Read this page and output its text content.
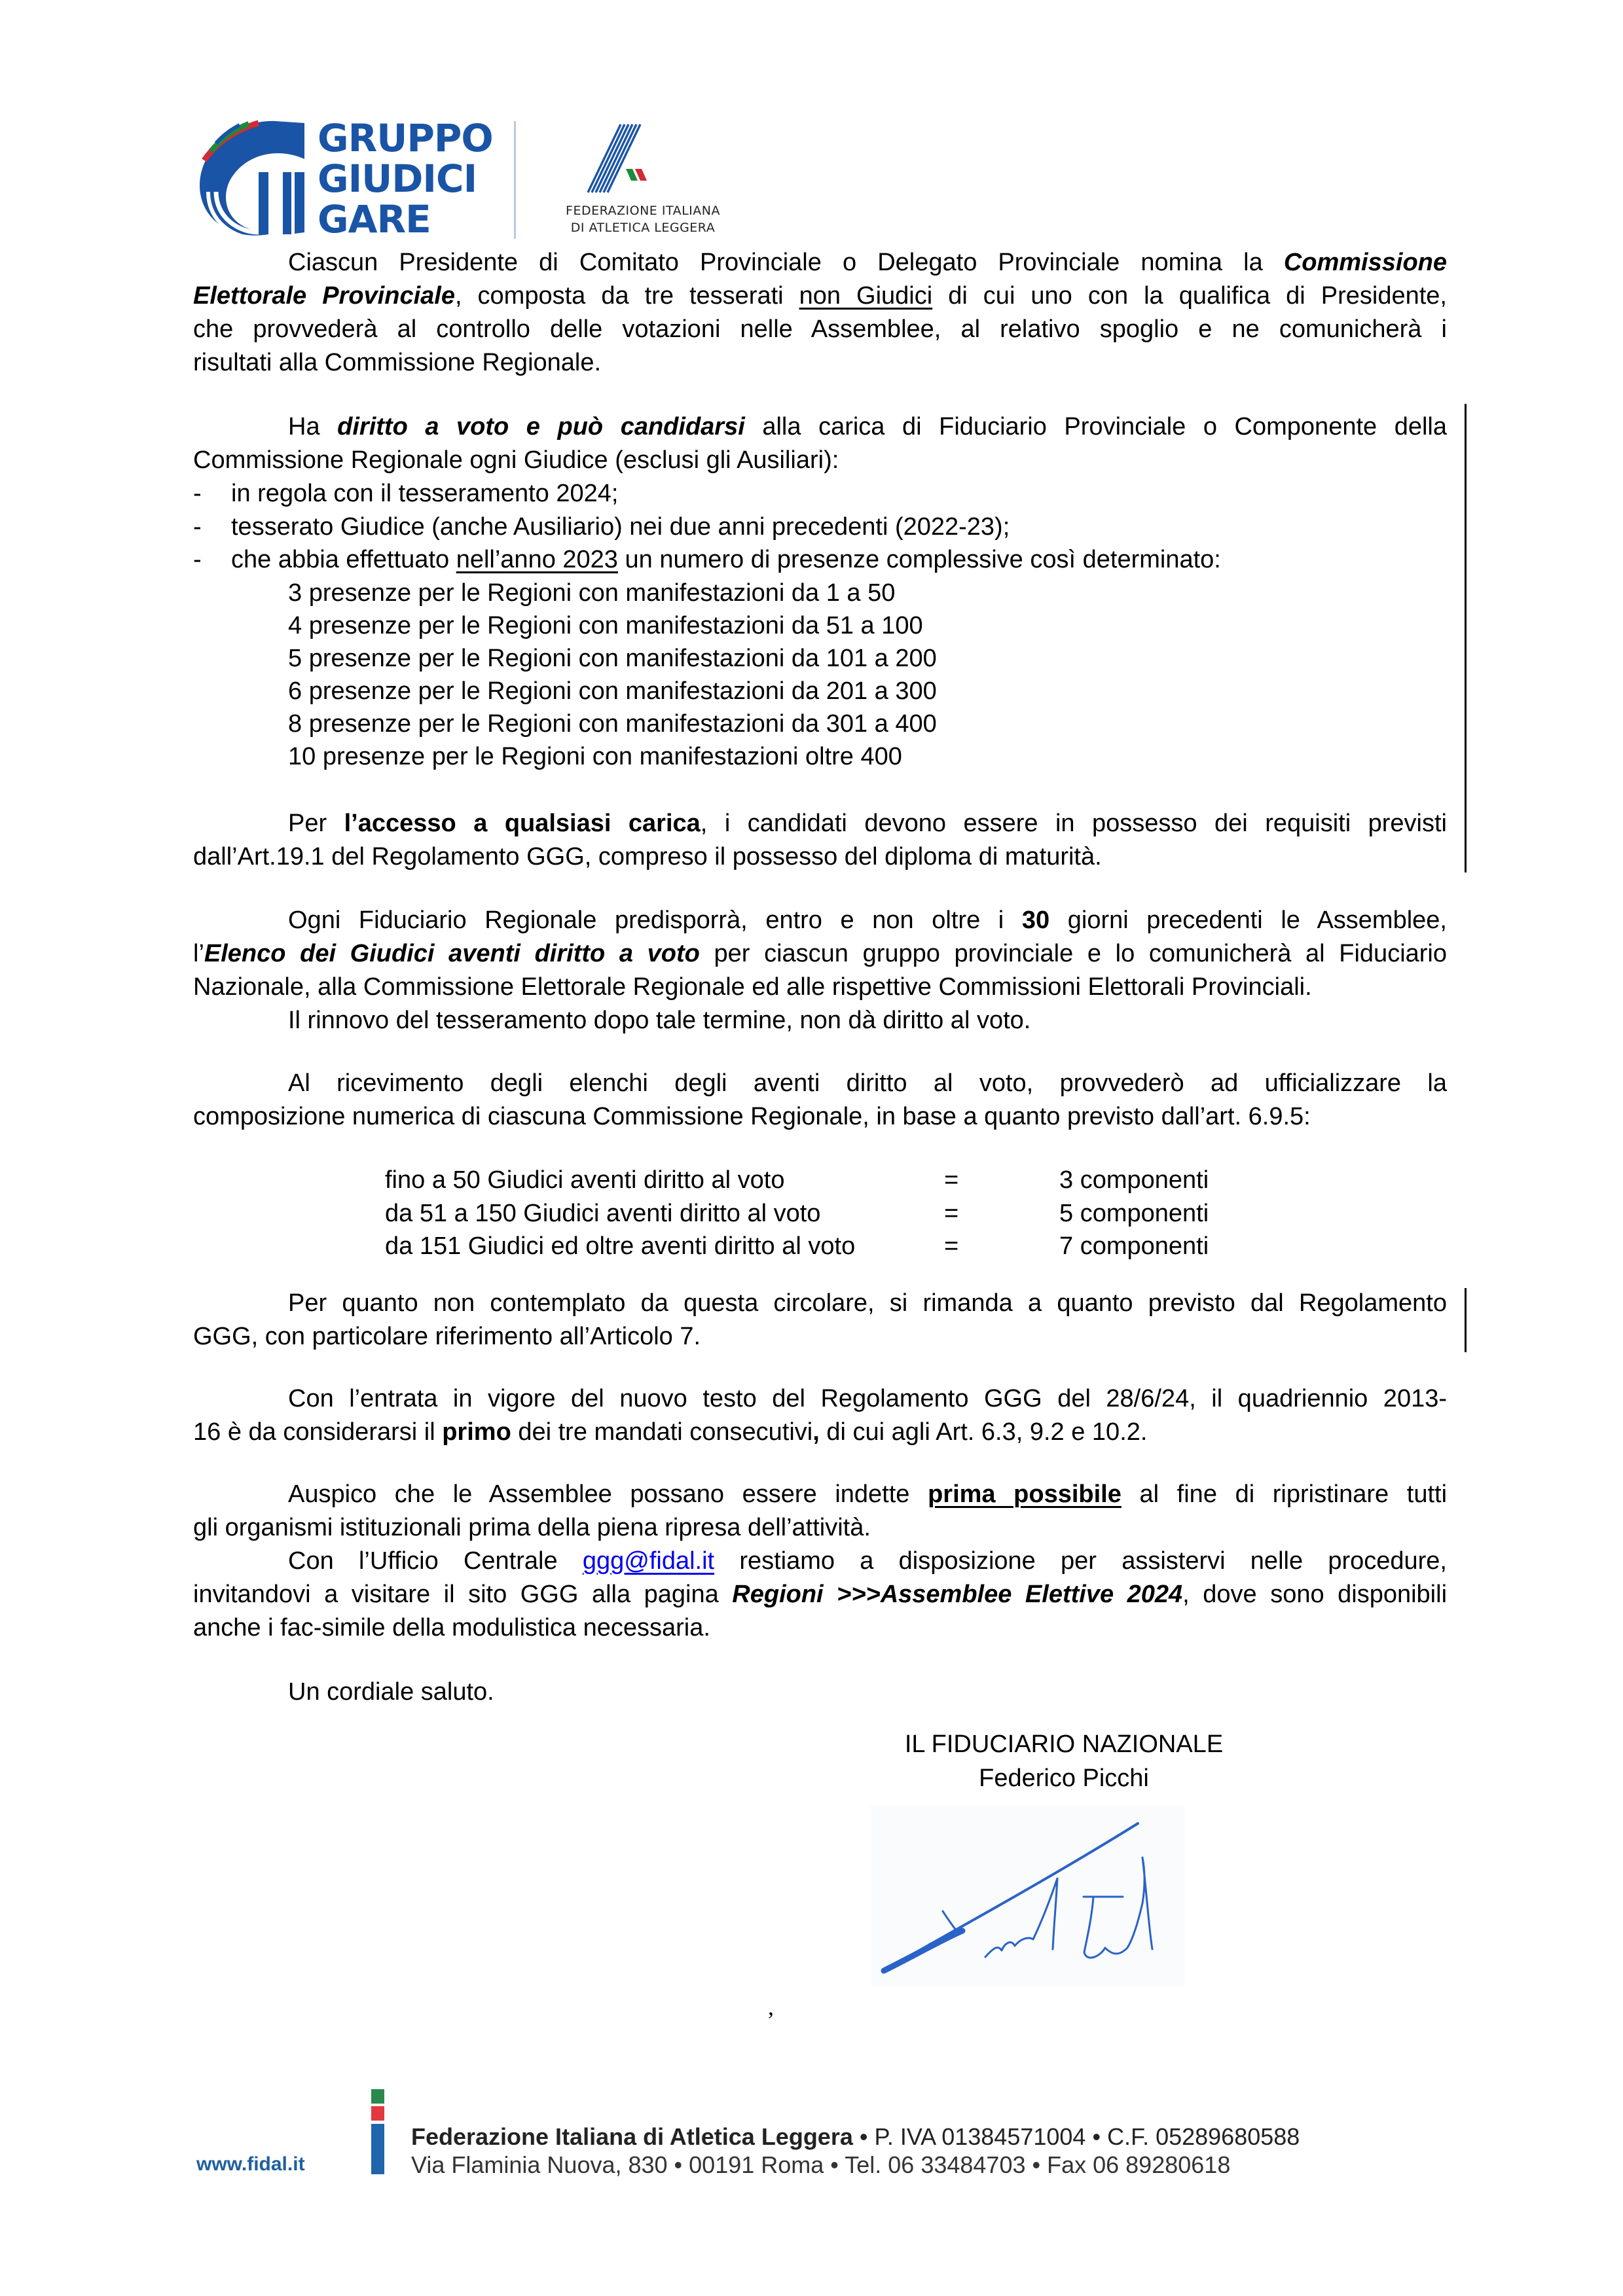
GRUPPO
GIUDICI
GARE	FEDERAZIONE ITALIANA
DI ATLETICA LEGGERA
Ciascun Presidente di Comitato Provinciale o Delegato Provinciale nomina la Commissione
Elettorale Provinciale, composta da tre tesserati non Giudici di cui uno con la qualifica di Presidente,
che provvederà al controllo delle votazioni nelle Assemblee, al relativo spoglio e ne comunicherà i
risultati alla Commissione Regionale.
Ha diritto a voto e può candidarsi alla carica di Fiduciario Provinciale o Componente della
Commissione Regionale ogni Giudice (esclusi gli Ausiliari):
- in regola con il tesseramento 2024;
- tesserato Giudice (anche Ausiliario) nei due anni precedenti (2022-23);
- che abbia effettuato nell’anno 2023 un numero di presenze complessive così determinato:
3 presenze per le Regioni con manifestazioni da 1 a 50
4 presenze per le Regioni con manifestazioni da 51 a 100
5 presenze per le Regioni con manifestazioni da 101 a 200
6 presenze per le Regioni con manifestazioni da 201 a 300
8 presenze per le Regioni con manifestazioni da 301 a 400
10 presenze per le Regioni con manifestazioni oltre 400
Per l’accesso a qualsiasi carica, i candidati devono essere in possesso dei requisiti previsti
dall’Art.19.1 del Regolamento GGG, compreso il possesso del diploma di maturità.
Ogni Fiduciario Regionale predisporrà, entro e non oltre i 30 giorni precedenti le Assemblee,
l’Elenco dei Giudici aventi diritto a voto per ciascun gruppo provinciale e lo comunicherà al Fiduciario
Nazionale, alla Commissione Elettorale Regionale ed alle rispettive Commissioni Elettorali Provinciali.
Il rinnovo del tesseramento dopo tale termine, non dà diritto al voto.
Al ricevimento degli elenchi degli aventi diritto al voto, provvederò ad ufficializzare la
composizione numerica di ciascuna Commissione Regionale, in base a quanto previsto dall’art. 6.9.5:
fino a 50 Giudici aventi diritto al voto	=	3 componenti
da 51 a 150 Giudici aventi diritto al voto	=	5 componenti
da 151 Giudici ed oltre aventi diritto al voto	=	7 componenti
Per quanto non contemplato da questa circolare, si rimanda a quanto previsto dal Regolamento
GGG, con particolare riferimento all’Articolo 7.
Con l’entrata in vigore del nuovo testo del Regolamento GGG del 28/6/24, il quadriennio 2013-
16 è da considerarsi il primo dei tre mandati consecutivi, di cui agli Art. 6.3, 9.2 e 10.2.
Auspico che le Assemblee possano essere indette prima possibile al fine di ripristinare tutti
gli organismi istituzionali prima della piena ripresa dell’attività.
Con l’Ufficio Centrale ggg@fidal.it restiamo a disposizione per assistervi nelle procedure,
invitandovi a visitare il sito GGG alla pagina Regioni >>>Assemblee Elettive 2024, dove sono disponibili
anche i fac-simile della modulistica necessaria.
Un cordiale saluto.
IL FIDUCIARIO NAZIONALE
Federico Picchi
,
www.fidal.it
Federazione Italiana di Atletica Leggera • P. IVA 01384571004 • C.F. 05289680588
Via Flaminia Nuova, 830 • 00191 Roma • Tel. 06 33484703 • Fax 06 89280618
